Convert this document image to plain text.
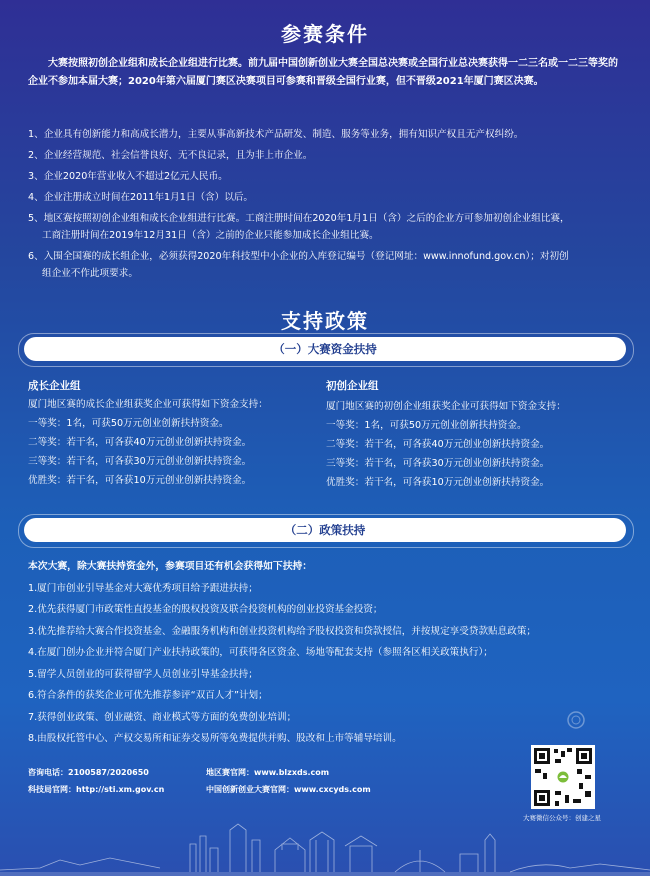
参赛条件
大赛按照初创企业组和成长企业组进行比赛。前九届中国创新创业大赛全国总决赛或全国行业总决赛获得一二三名或一二三等奖的企业不参加本届大赛；2020年第六届厦门赛区决赛项目可参赛和晋级全国行业赛，但不晋级2021年厦门赛区决赛。

1、企业具有创新能力和高成长潜力，主要从事高新技术产品研发、制造、服务等业务，拥有知识产权且无产权纠纷。

2、企业经营规范、社会信誉良好、无不良记录，且为非上市企业。

3、企业2020年营业收入不超过2亿元人民币。

4、企业注册成立时间在2011年1月1日（含）以后。

5、地区赛按照初创企业组和成长企业组进行比赛。工商注册时间在2020年1月1日（含）之后的企业方可参加初创企业组比赛，

工商注册时间在2019年12月31日（含）之前的企业只能参加成长企业组比赛。

6、入围全国赛的成长组企业，必须获得2020年科技型中小企业的入库登记编号（登记网址：www.innofund.gov.cn）；对初创

组企业不作此项要求。

支持政策
（一）大赛资金扶持
成长企业组

厦门地区赛的成长企业组获奖企业可获得如下资金支持：

一等奖：1名，可获50万元创业创新扶持资金。

二等奖：若干名，可各获40万元创业创新扶持资金。

三等奖：若干名，可各获30万元创业创新扶持资金。

优胜奖：若干名，可各获10万元创业创新扶持资金。

初创企业组

厦门地区赛的初创企业组获奖企业可获得如下资金支持：

一等奖：1名，可获50万元创业创新扶持资金。

二等奖：若干名，可各获40万元创业创新扶持资金。

三等奖：若干名，可各获30万元创业创新扶持资金。

优胜奖：若干名，可各获10万元创业创新扶持资金。

（二）政策扶持

本次大赛，除大赛扶持资金外，参赛项目还有机会获得如下扶持：

1.厦门市创业引导基金对大赛优秀项目给予跟进扶持；

2.优先获得厦门市政策性直投基金的股权投资及联合投资机构的创业投资基金投资；

3.优先推荐给大赛合作投资基金、金融服务机构和创业投资机构给予股权投资和贷款授信，并按规定享受贷款贴息政策；

4.在厦门创办企业并符合厦门产业扶持政策的，可获得各区资金、场地等配套支持（参照各区相关政策执行）；

5.留学人员创业的可获得留学人员创业引导基金扶持；

6.符合条件的获奖企业可优先推荐参评“双百人才”计划；

7.获得创业政策、创业融资、商业模式等方面的免费创业培训；

8.由股权托管中心、产权交易所和证券交易所等免费提供并购、股改和上市等辅导培训。

咨询电话：2100587/2020650
科技局官网：http://sti.xm.gov.cn
地区赛官网：www.blzxds.com
中国创新创业大赛官网：www.cxcyds.com
大赛微信公众号：创建之星
